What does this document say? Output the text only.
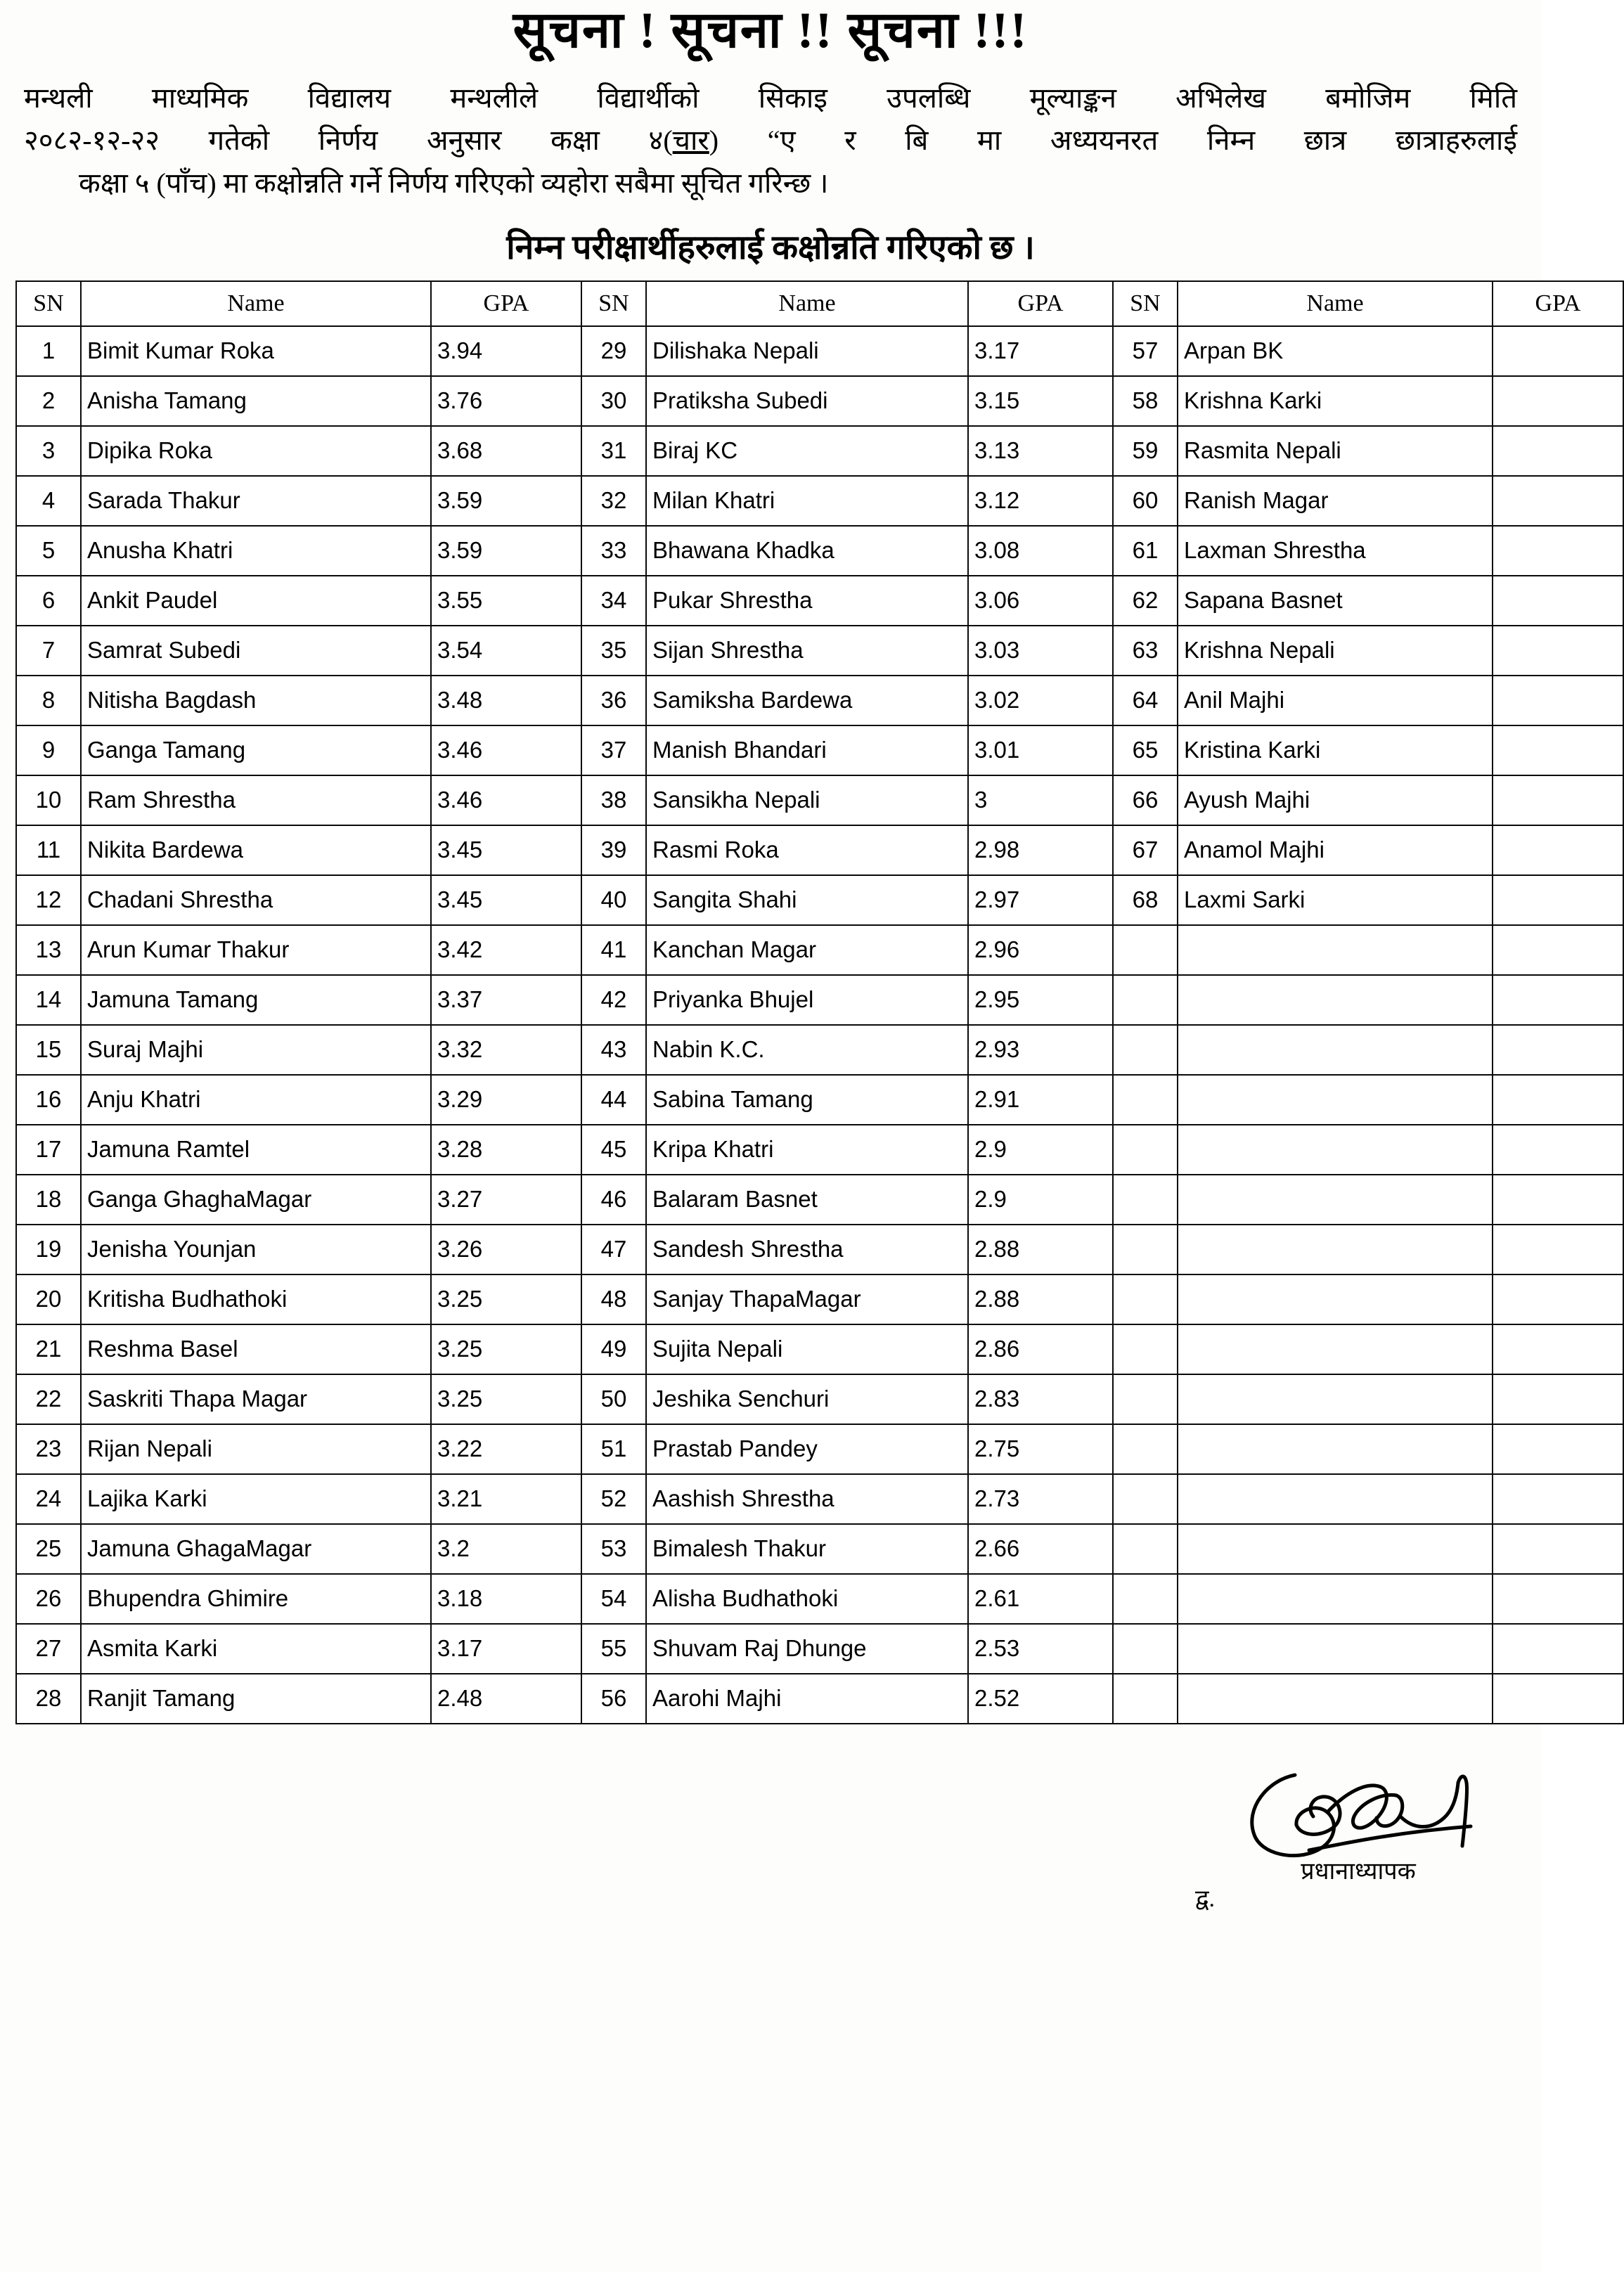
सूचना ! सूचना !! सूचना !!!
मन्थली माध्यमिक विद्यालय मन्थलीले विद्यार्थीको सिकाइ उपलब्धि मूल्याङ्कन अभिलेख बमोजिम मिति
२०८२-१२-२२ गतेको निर्णय अनुसार कक्षा ४(चार) “ए र बि मा अध्ययनरत निम्न छात्र छात्राहरुलाई
कक्षा ५ (पाँच) मा कक्षोन्नति गर्ने निर्णय गरिएको व्यहोरा सबैमा सूचित गरिन्छ ।
निम्न परीक्षार्थीहरुलाई कक्षोन्नति गरिएको छ ।
SN	Name	GPA	SN	Name	GPA	SN	Name	GPA
1	Bimit Kumar Roka	3.94	29	Dilishaka Nepali	3.17	57	Arpan BK	
2	Anisha Tamang	3.76	30	Pratiksha Subedi	3.15	58	Krishna Karki	
3	Dipika Roka	3.68	31	Biraj KC	3.13	59	Rasmita Nepali	
4	Sarada Thakur	3.59	32	Milan Khatri	3.12	60	Ranish Magar	
5	Anusha Khatri	3.59	33	Bhawana Khadka	3.08	61	Laxman Shrestha	
6	Ankit Paudel	3.55	34	Pukar Shrestha	3.06	62	Sapana Basnet	
7	Samrat Subedi	3.54	35	Sijan Shrestha	3.03	63	Krishna Nepali	
8	Nitisha Bagdash	3.48	36	Samiksha Bardewa	3.02	64	Anil Majhi	
9	Ganga Tamang	3.46	37	Manish Bhandari	3.01	65	Kristina Karki	
10	Ram Shrestha	3.46	38	Sansikha Nepali	3	66	Ayush Majhi	
11	Nikita Bardewa	3.45	39	Rasmi Roka	2.98	67	Anamol Majhi	
12	Chadani Shrestha	3.45	40	Sangita Shahi	2.97	68	Laxmi Sarki	
13	Arun Kumar Thakur	3.42	41	Kanchan Magar	2.96			
14	Jamuna Tamang	3.37	42	Priyanka Bhujel	2.95			
15	Suraj Majhi	3.32	43	Nabin K.C.	2.93			
16	Anju Khatri	3.29	44	Sabina Tamang	2.91			
17	Jamuna Ramtel	3.28	45	Kripa Khatri	2.9			
18	Ganga GhaghaMagar	3.27	46	Balaram Basnet	2.9			
19	Jenisha Younjan	3.26	47	Sandesh Shrestha	2.88			
20	Kritisha Budhathoki	3.25	48	Sanjay ThapaMagar	2.88			
21	Reshma Basel	3.25	49	Sujita Nepali	2.86			
22	Saskriti Thapa Magar	3.25	50	Jeshika Senchuri	2.83			
23	Rijan Nepali	3.22	51	Prastab Pandey	2.75			
24	Lajika Karki	3.21	52	Aashish Shrestha	2.73			
25	Jamuna GhagaMagar	3.2	53	Bimalesh Thakur	2.66			
26	Bhupendra Ghimire	3.18	54	Alisha Budhathoki	2.61			
27	Asmita Karki	3.17	55	Shuvam Raj Dhunge	2.53			
28	Ranjit Tamang	2.48	56	Aarohi Majhi	2.52			
प्रधानाध्यापक
द्व.
